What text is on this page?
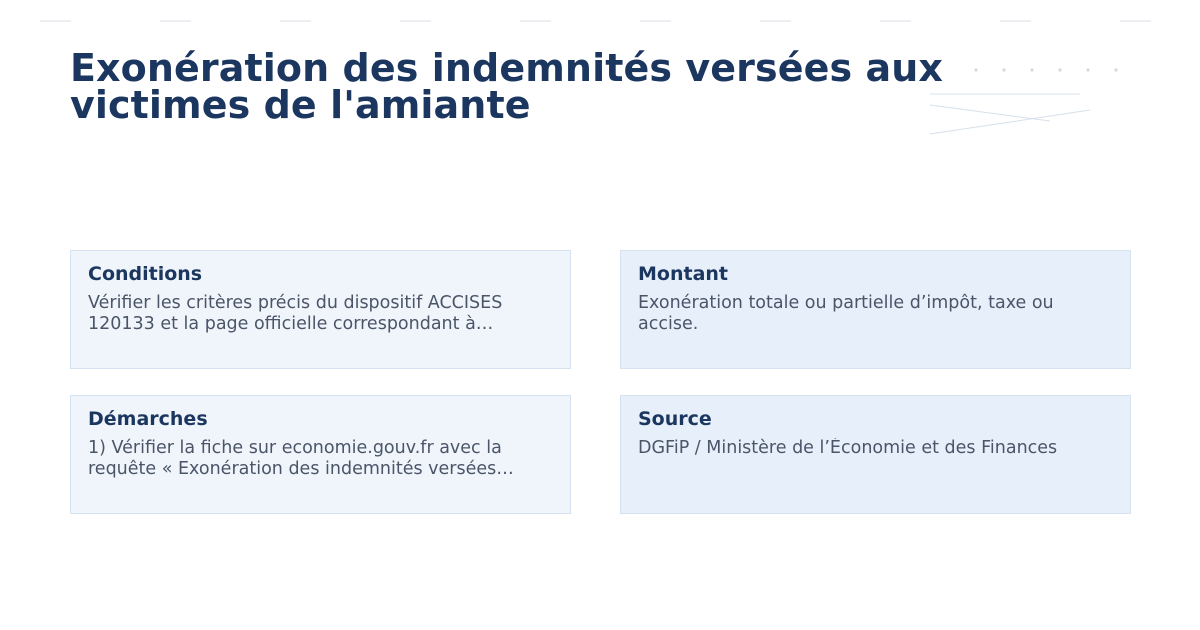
Exonération des indemnités versées aux victimes de l'amiante
Conditions
Vérifier les critères précis du dispositif ACCISES 120133 et la page officielle correspondant à…
Montant
Exonération totale ou partielle d’impôt, taxe ou accise.
Démarches
1) Vérifier la fiche sur economie.gouv.fr avec la requête « Exonération des indemnités versées…
Source
DGFiP / Ministère de l’Économie et des Finances
